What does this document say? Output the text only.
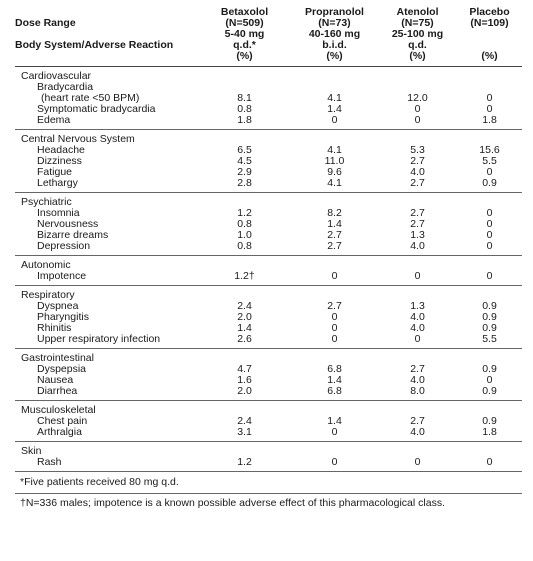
Dose Range

Body System/Adverse Reaction	Betaxolol
(N=509)
5-40 mg
q.d.*
(%)	Propranolol
(N=73)
40-160 mg
b.i.d.
(%)	Atenolol
(N=75)
25-100 mg
q.d.
(%)	Placebo
(N=109)

(%)

Cardiovascular				
Bradycardia				
(heart rate <50 BPM)	8.1	4.1	12.0	0
Symptomatic bradycardia	0.8	1.4	0	0
Edema	1.8	0	0	1.8
Central Nervous System				
Headache	6.5	4.1	5.3	15.6
Dizziness	4.5	11.0	2.7	5.5
Fatigue	2.9	9.6	4.0	0
Lethargy	2.8	4.1	2.7	0.9
Psychiatric				
Insomnia	1.2	8.2	2.7	0
Nervousness	0.8	1.4	2.7	0
Bizarre dreams	1.0	2.7	1.3	0
Depression	0.8	2.7	4.0	0
Autonomic				
Impotence	1.2†	0	0	0
Respiratory				
Dyspnea	2.4	2.7	1.3	0.9
Pharyngitis	2.0	0	4.0	0.9
Rhinitis	1.4	0	4.0	0.9
Upper respiratory infection	2.6	0	0	5.5
Gastrointestinal				
Dyspepsia	4.7	6.8	2.7	0.9
Nausea	1.6	1.4	4.0	0
Diarrhea	2.0	6.8	8.0	0.9
Musculoskeletal				
Chest pain	2.4	1.4	2.7	0.9
Arthralgia	3.1	0	4.0	1.8
Skin				
Rash	1.2	0	0	0
*Five patients received 80 mg q.d.
†N=336 males; impotence is a known possible adverse effect of this pharmacological class.
